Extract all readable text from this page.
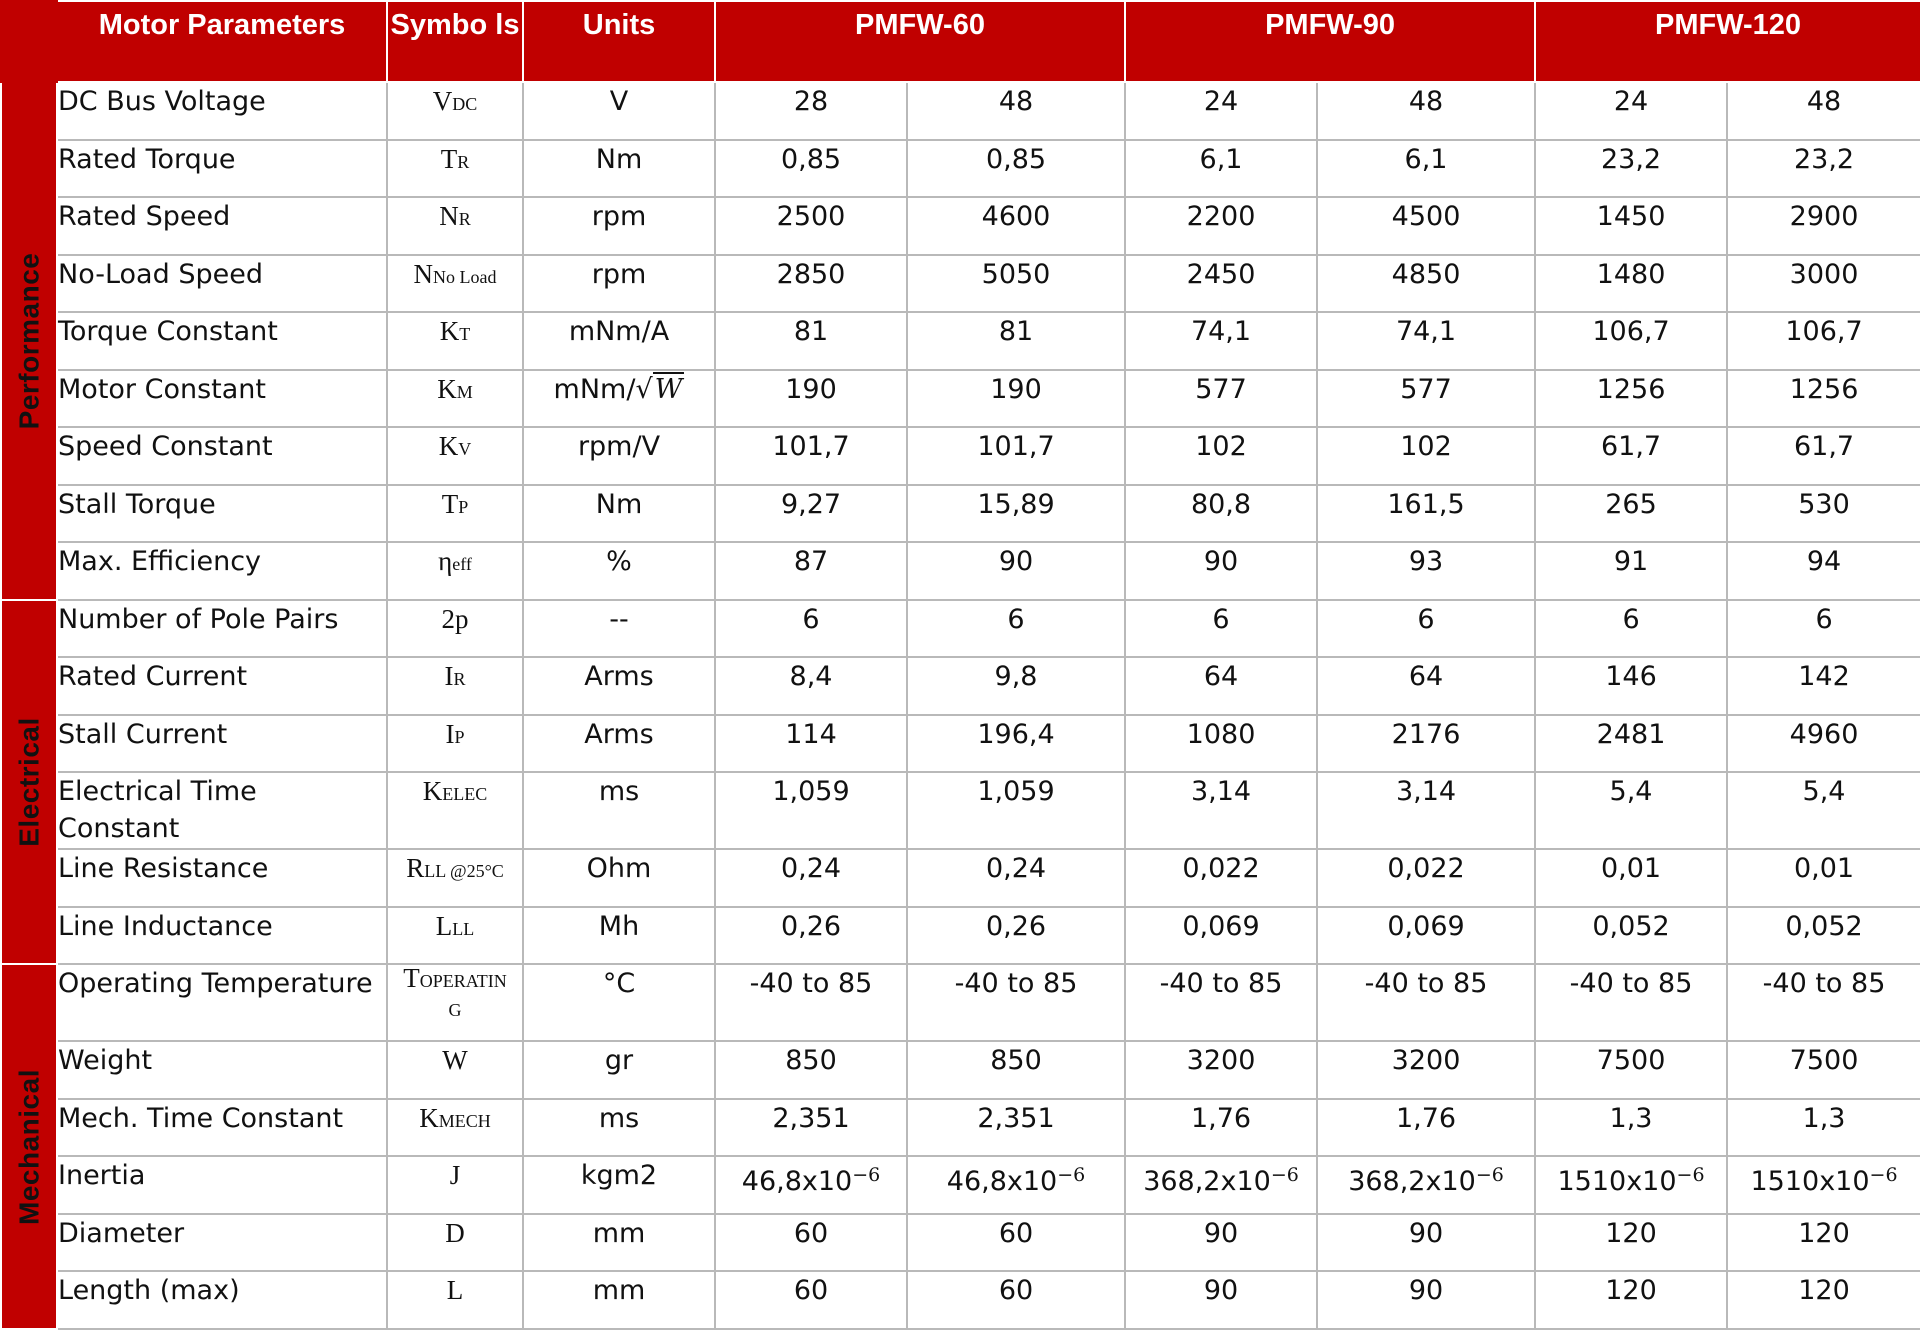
	Motor Parameters	Symbo ls	Units	PMFW-60		PMFW-90		PMFW-120	

Performance	DC Bus Voltage	VDC	V	28	48	24	48	24	48
	Rated Torque	TR	Nm	0,85	0,85	6,1	6,1	23,2	23,2
	Rated Speed	NR	rpm	2500	4600	2200	4500	1450	2900
	No-Load Speed	NNo Load	rpm	2850	5050	2450	4850	1480	3000
	Torque Constant	KT	mNm/A	81	81	74,1	74,1	106,7	106,7
	Motor Constant	KM	mNm/√W	190	190	577	577	1256	1256
	Speed Constant	KV	rpm/V	101,7	101,7	102	102	61,7	61,7
	Stall Torque	TP	Nm	9,27	15,89	80,8	161,5	265	530
	Max. Efficiency	ηeff	%	87	90	90	93	91	94

Electrical	Number of Pole Pairs	2p	--	6	6	6	6	6	6
	Rated Current	IR	Arms	8,4	9,8	64	64	146	142
	Stall Current	IP	Arms	114	196,4	1080	2176	2481	4960
	Electrical Time Constant	KELEC	ms	1,059	1,059	3,14	3,14	5,4	5,4
	Line Resistance	RLL @25°C	Ohm	0,24	0,24	0,022	0,022	0,01	0,01
	Line Inductance	LLL	Mh	0,26	0,26	0,069	0,069	0,052	0,052

Mechanical	Operating Temperature	TOPERATING	°C	-40 to 85	-40 to 85	-40 to 85	-40 to 85	-40 to 85	-40 to 85
	Weight	W	gr	850	850	3200	3200	7500	7500
	Mech. Time Constant	KMECH	ms	2,351	2,351	1,76	1,76	1,3	1,3
	Inertia	J	kgm2	$46,8x10^{-6}$	$46,8x10^{-6}$	$368,2x10^{-6}$	$368,2x10^{-6}$	$1510x10^{-6}$	$1510x10^{-6}$
	Diameter	D	mm	60	60	90	90	120	120
	Length (max)	L	mm	60	60	90	90	120	120
